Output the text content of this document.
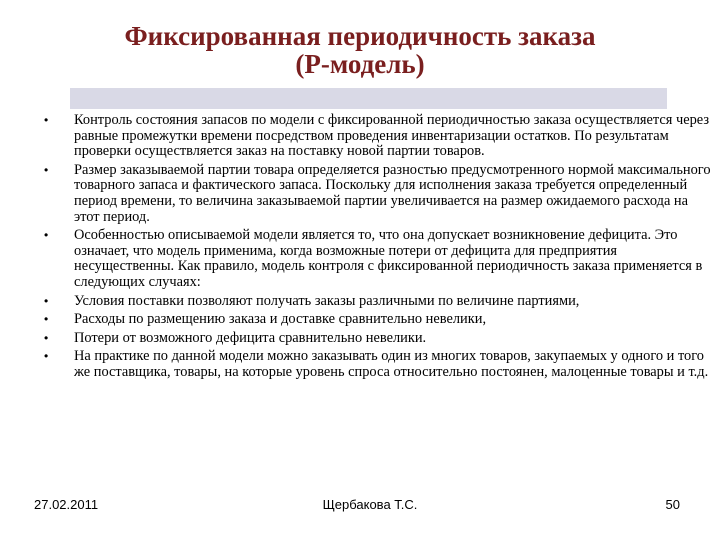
Фиксированная периодичность заказа
(Р-модель)
• Контроль состояния запасов по модели с фиксированной периодичностью заказа осуществляется через равные промежутки времени посредством проведения инвентаризации остатков. По результатам проверки осуществляется заказ на поставку новой партии товаров.
• Размер заказываемой партии товара определяется разностью предусмотренного нормой максимального товарного запаса и фактического запаса. Поскольку для исполнения заказа требуется определенный период времени, то величина заказываемой партии увеличивается на размер ожидаемого расхода на этот период.
• Особенностью описываемой модели является то, что она допускает возникновение дефицита. Это означает, что модель применима, когда возможные потери от дефицита для предприятия несущественны. Как правило, модель контроля с фиксированной периодичность заказа применяется в следующих случаях:
• Условия поставки позволяют получать заказы различными по величине партиями,
• Расходы по размещению заказа и доставке сравнительно невелики,
• Потери от возможного дефицита сравнительно невелики.
• На практике по данной модели можно заказывать один из многих товаров, закупаемых у одного и того же поставщика, товары, на которые уровень спроса относительно постоянен, малоценные товары и т.д.
27.02.2011	Щербакова Т.С.	50
